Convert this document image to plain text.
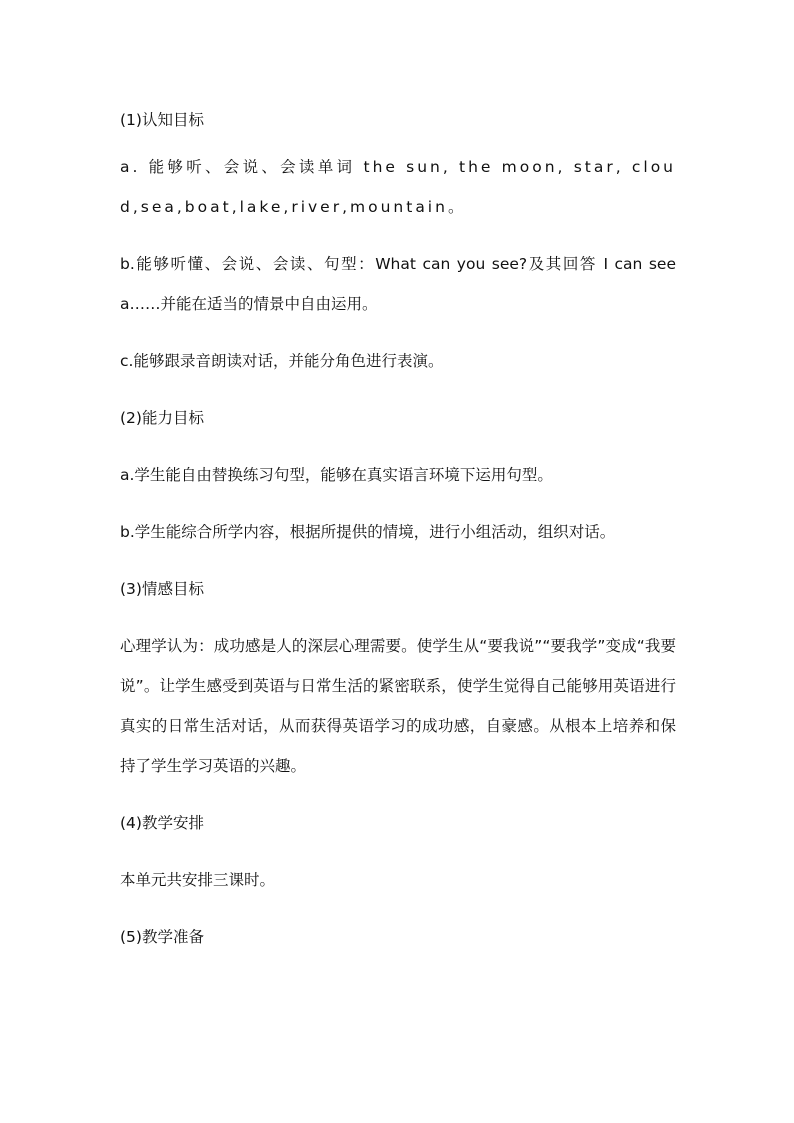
(1)认知目标

a. 能够听、会说、会读单词 the sun, the moon, star, cloud,sea,boat,lake,river,mountain。

b.能够听懂、会说、会读、句型：What can you see?及其回答 I can see a……并能在适当的情景中自由运用。

c.能够跟录音朗读对话，并能分角色进行表演。

(2)能力目标

a.学生能自由替换练习句型，能够在真实语言环境下运用句型。

b.学生能综合所学内容，根据所提供的情境，进行小组活动，组织对话。

(3)情感目标

心理学认为：成功感是人的深层心理需要。使学生从“要我说”“要我学”变成“我要说”。让学生感受到英语与日常生活的紧密联系，使学生觉得自己能够用英语进行真实的日常生活对话，从而获得英语学习的成功感，自豪感。从根本上培养和保持了学生学习英语的兴趣。

(4)教学安排

本单元共安排三课时。

(5)教学准备
